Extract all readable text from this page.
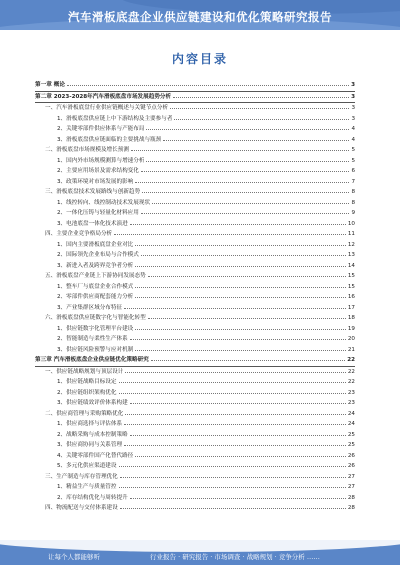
汽车滑板底盘企业供应链建设和优化策略研究报告
内容目录
第一章 概论	3
第二章 2023-2028年汽车滑板底盘市场发展趋势分析	3
一、汽车滑板底盘行业供应链概述与关键节点分析	3
1、滑板底盘供应链上中下游结构及主要参与者	3
2、关键零部件供应体系与产能布局	4
3、滑板底盘供应链面临的主要挑战与瓶颈	4
二、滑板底盘市场规模及增长预测	5
1、国内外市场规模测算与增速分析	5
2、主要应用场景及需求结构变化	6
3、政策环境对市场发展的影响	7
三、滑板底盘技术发展路线与创新趋势	8
1、线控转向、线控制动技术发展现状	8
2、一体化压铸与轻量化材料应用	9
3、电池底盘一体化技术演进	10
四、主要企业竞争格局分析	11
1、国内主要滑板底盘企业对比	12
2、国际领先企业布局与合作模式	13
3、新进入者及跨界竞争者分析	14
五、滑板底盘产业链上下游协同发展态势	15
1、整车厂与底盘企业合作模式	15
2、零部件供应商配套能力分析	16
3、产业集群区域分布特征	17
六、滑板底盘供应链数字化与智能化转型	18
1、供应链数字化管理平台建设	19
2、智能制造与柔性生产体系	20
3、供应链风险预警与应对机制	21
第三章 汽车滑板底盘企业供应链优化策略研究	22
一、供应链战略规划与顶层设计	22
1、供应链战略目标设定	22
2、供应链组织架构优化	23
3、供应链绩效评价体系构建	23
二、供应商管理与采购策略优化	24
1、供应商选择与评估体系	24
2、战略采购与成本控制策略	25
3、供应商协同与关系管理	25
4、关键零部件国产化替代路径	26
5、多元化供应渠道建设	26
三、生产制造与库存管理优化	27
1、精益生产与质量管控	27
2、库存结构优化与周转提升	28
四、物流配送与交付体系建设	28
让每个人都能够听	行业报告 · 研究报告 · 市场调查 · 战略规划 · 竞争分析 ……
